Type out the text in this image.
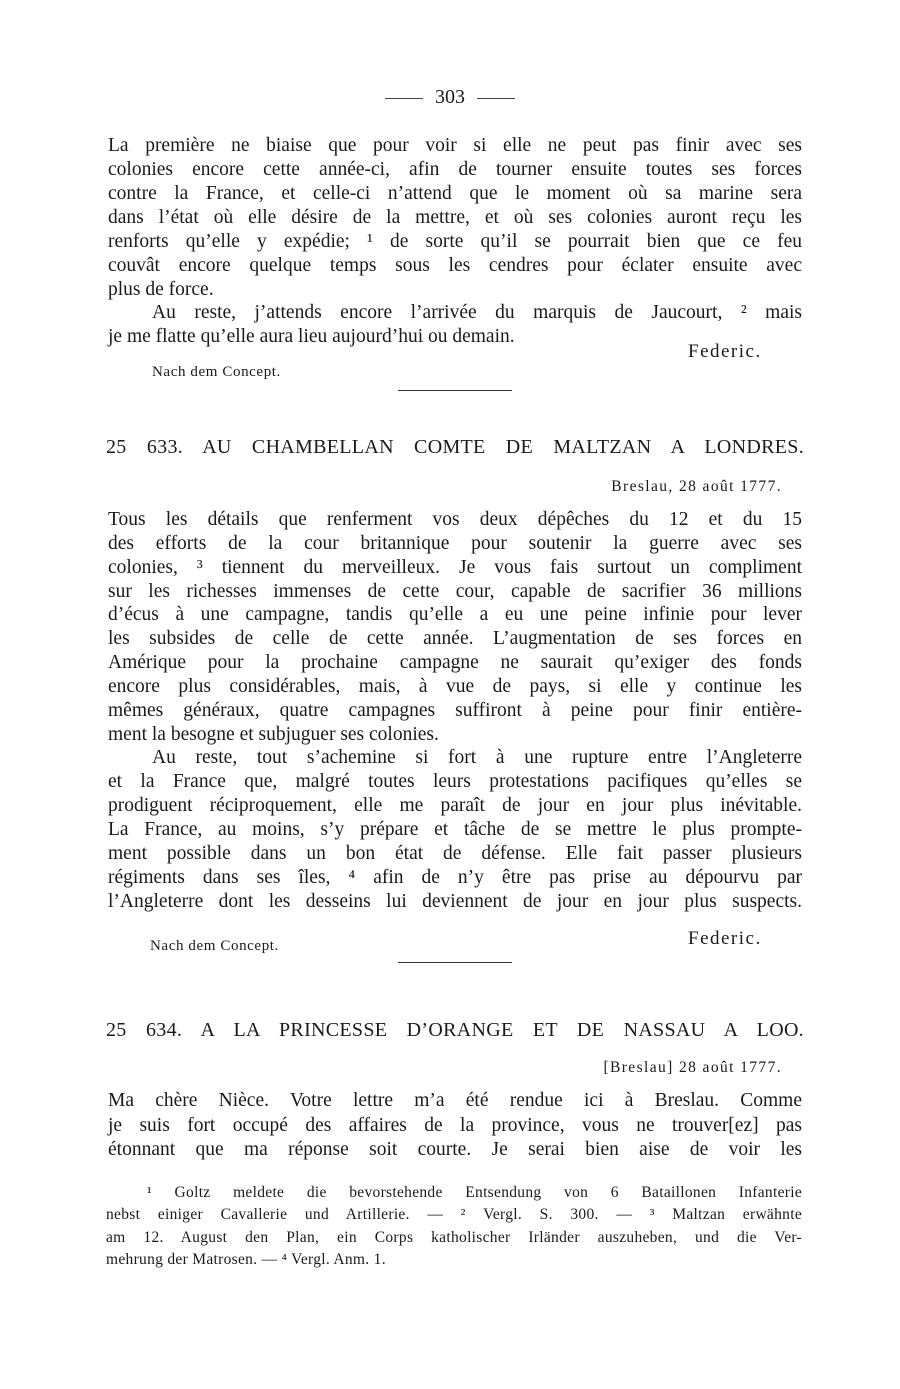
303
La première ne biaise que pour voir si elle ne peut pas finir avec ses
colonies encore cette année-ci, afin de tourner ensuite toutes ses forces
contre la France, et celle-ci n’attend que le moment où sa marine sera
dans l’état où elle désire de la mettre, et où ses colonies auront reçu les
renforts qu’elle y expédie; ¹ de sorte qu’il se pourrait bien que ce feu
couvât encore quelque temps sous les cendres pour éclater ensuite avec
plus de force.
Au reste, j’attends encore l’arrivée du marquis de Jaucourt, ² mais
je me flatte qu’elle aura lieu aujourd’hui ou demain.
Federic.
Nach dem Concept.
25 633. AU CHAMBELLAN COMTE DE MALTZAN A LONDRES.
Breslau, 28 août 1777.
Tous les détails que renferment vos deux dépêches du 12 et du 15
des efforts de la cour britannique pour soutenir la guerre avec ses
colonies, ³ tiennent du merveilleux. Je vous fais surtout un compliment
sur les richesses immenses de cette cour, capable de sacrifier 36 millions
d’écus à une campagne, tandis qu’elle a eu une peine infinie pour lever
les subsides de celle de cette année. L’augmentation de ses forces en
Amérique pour la prochaine campagne ne saurait qu’exiger des fonds
encore plus considérables, mais, à vue de pays, si elle y continue les
mêmes généraux, quatre campagnes suffiront à peine pour finir entière-
ment la besogne et subjuguer ses colonies.
Au reste, tout s’achemine si fort à une rupture entre l’Angleterre
et la France que, malgré toutes leurs protestations pacifiques qu’elles se
prodiguent réciproquement, elle me paraît de jour en jour plus inévitable.
La France, au moins, s’y prépare et tâche de se mettre le plus prompte-
ment possible dans un bon état de défense. Elle fait passer plusieurs
régiments dans ses îles, ⁴ afin de n’y être pas prise au dépourvu par
l’Angleterre dont les desseins lui deviennent de jour en jour plus suspects.
Federic.
Nach dem Concept.
25 634. A LA PRINCESSE D’ORANGE ET DE NASSAU A LOO.
[Breslau] 28 août 1777.
Ma chère Nièce. Votre lettre m’a été rendue ici à Breslau. Comme
je suis fort occupé des affaires de la province, vous ne trouver[ez] pas
étonnant que ma réponse soit courte. Je serai bien aise de voir les
¹ Goltz meldete die bevorstehende Entsendung von 6 Bataillonen Infanterie
nebst einiger Cavallerie und Artillerie. — ² Vergl. S. 300. — ³ Maltzan erwähnte
am 12. August den Plan, ein Corps katholischer Irländer auszuheben, und die Ver-
mehrung der Matrosen. — ⁴ Vergl. Anm. 1.
